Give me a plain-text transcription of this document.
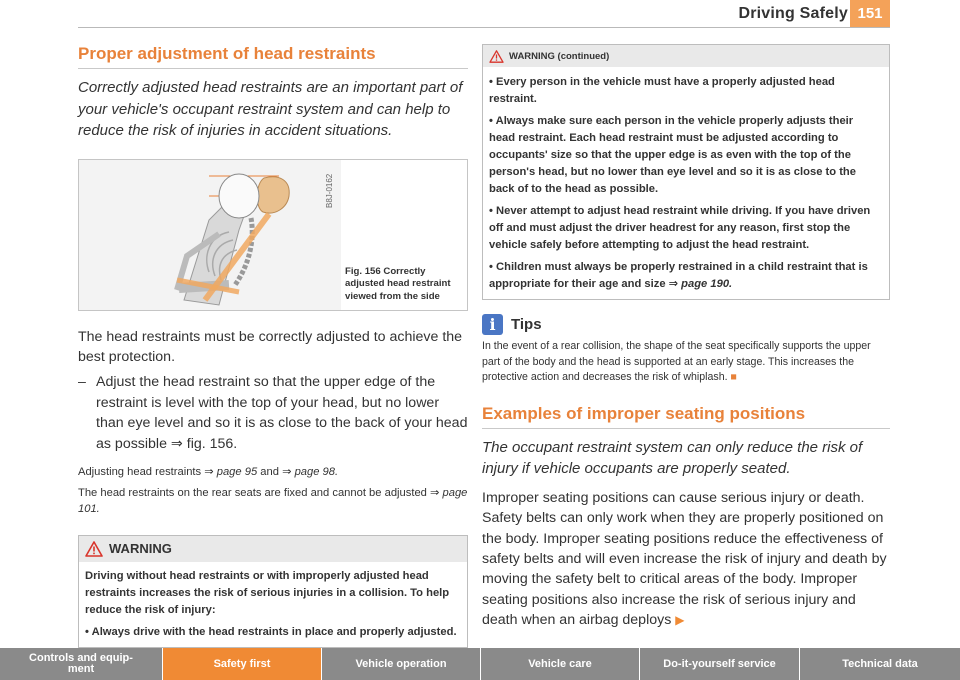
Driving Safely 151
Proper adjustment of head restraints

Correctly adjusted head restraints are an important part of your vehicle's occupant restraint system and can help to reduce the risk of injuries in accident situations.

B8J-0162
Fig. 156 Correctly adjusted head restraint viewed from the side

The head restraints must be correctly adjusted to achieve the best protection.

– Adjust the head restraint so that the upper edge of the restraint is level with the top of your head, but no lower than eye level and so it is as close to the back of your head as possible ⇒ fig. 156.

Adjusting head restraints ⇒ page 95 and ⇒ page 98.

The head restraints on the rear seats are fixed and cannot be adjusted ⇒ page 101.

WARNING

Driving without head restraints or with improperly adjusted head restraints increases the risk of serious injuries in a collision. To help reduce the risk of injury:

• Always drive with the head restraints in place and properly adjusted.

WARNING (continued)

• Every person in the vehicle must have a properly adjusted head restraint.

• Always make sure each person in the vehicle properly adjusts their head restraint. Each head restraint must be adjusted according to occupants' size so that the upper edge is as even with the top of the person's head, but no lower than eye level and so it is as close to the back of to the head as possible.

• Never attempt to adjust head restraint while driving. If you have driven off and must adjust the driver headrest for any reason, first stop the vehicle safely before attempting to adjust the head restraint.

• Children must always be properly restrained in a child restraint that is appropriate for their age and size ⇒ page 190.

i	Tips

In the event of a rear collision, the shape of the seat specifically supports the upper part of the body and the head is supported at an early stage. This increases the protective action and decreases the risk of whiplash. ■

Examples of improper seating positions

The occupant restraint system can only reduce the risk of injury if vehicle occupants are properly seated.

Improper seating positions can cause serious injury or death. Safety belts can only work when they are properly positioned on the body. Improper seating positions reduce the effectiveness of safety belts and will even increase the risk of injury and death by moving the safety belt to critical areas of the body. Improper seating positions also increase the risk of serious injury and death when an airbag deploys ▶

Controls and equip-
ment	Safety first	Vehicle operation	Vehicle care	Do-it-yourself service	Technical data
